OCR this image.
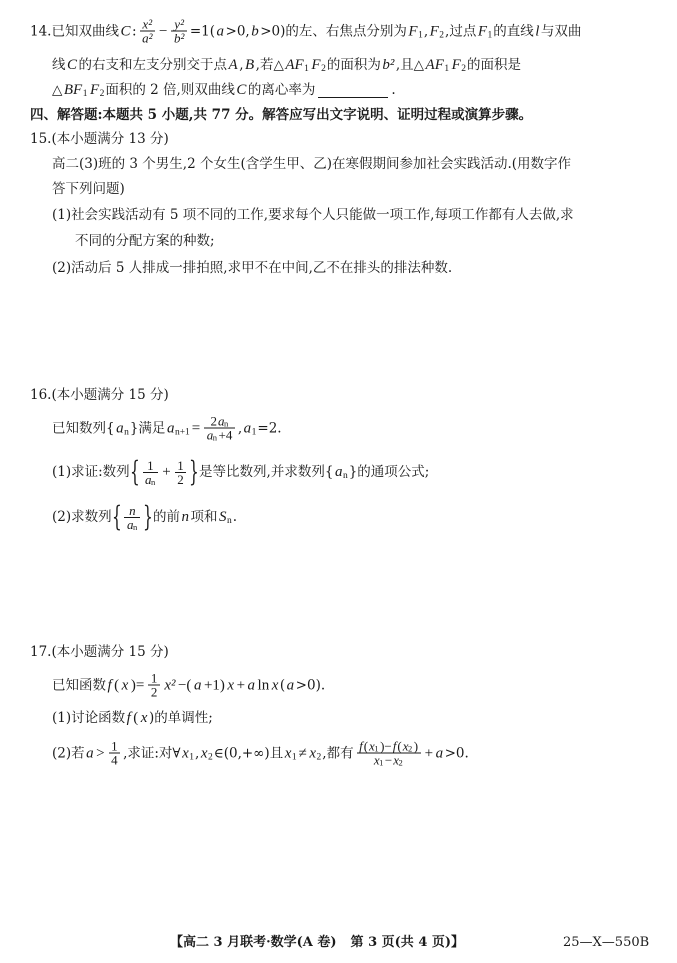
14.已知双曲线 C : $\frac{\text{x²}}{\text{a²}} - \frac{\text{y²}}{\text{b²}} =1$( a >0, b >0)的左、右焦点分别为 F 1 , F 2 ,过点 F 1 的直线 l 与双曲
线 C 的右支和左支分别交于点 A , B ,若△ AF 1 F 2 的面积为 b² ,且△ AF 1 F 2 的面积是
△ BF 1 F 2 面积的 2 倍,则双曲线 C 的离心率为	.
四、解答题:本题共 5 小题,共 77 分。解答应写出文字说明、证明过程或演算步骤。
15.(本小题满分 13 分)
高二(3)班的 3 个男生,2 个女生(含学生甲、乙)在寒假期间参加社会实践活动.(用数字作
答下列问题)
(1)社会实践活动有 5 项不同的工作,要求每个人只能做一项工作,每项工作都有人去做,求
不同的分配方案的种数;
(2)活动后 5 人排成一排拍照,求甲不在中间,乙不在排头的排法种数.
16.(本小题满分 15 分)
已知数列{ a n }满足 a $n+1 = \frac{\text{2 a n}}{\text{a n +4}}$ , a 1 =2.
(1)求证:数列 { $\frac{1}{\text{a n}} + \frac{1}{2}$ } 是等比数列,并求数列{ a n }的通项公式;
(2)求数列 { $\frac{n}{\text{a n}}$ } 的前 n 项和 S n .
17.(本小题满分 15 分)
已知函数 f ( x )= $\frac{1}{2} x^2$ −( a +1) x + a ln x ( a >0).
(1)讨论函数 f ( x )的单调性;
(2)若 $a > \frac{1}{4}$ ,求证:对∀ x 1 , x 2 ∈(0,+∞)且 x 1 ≠ x 2 ,都有 f ( x 1 )− f ( x 2 )
x 1 − x 2
+ a >0.
【高二 3 月联考·数学(A 卷) 第 3 页(共 4 页)】	25—X—550B
